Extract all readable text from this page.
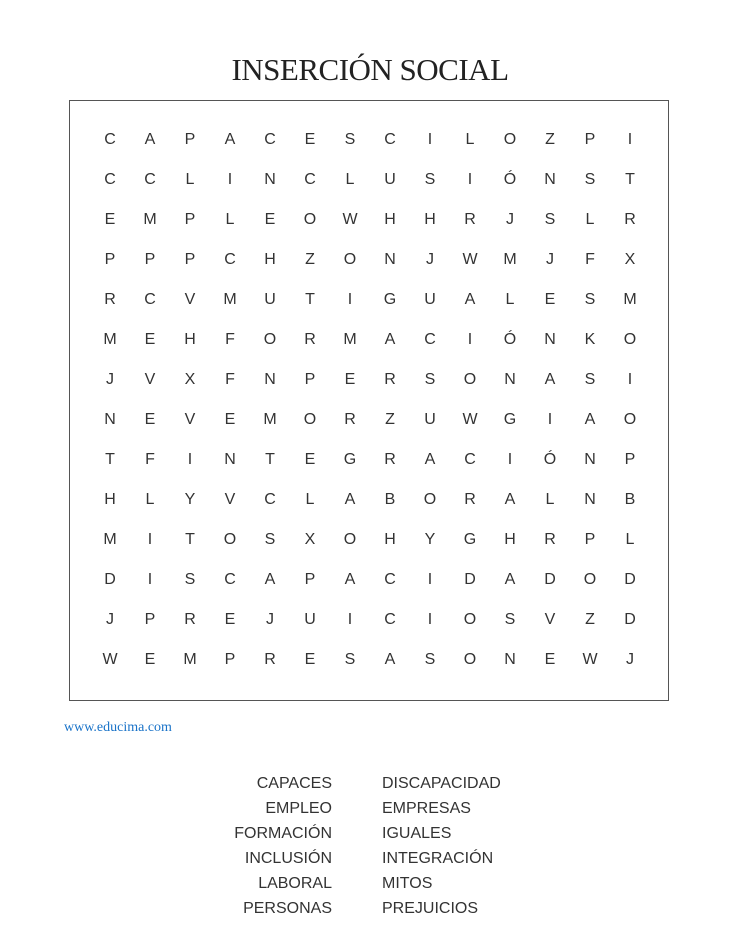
INSERCIÓN SOCIAL
C	A	P	A	C	E	S	C	I	L	O	Z	P	I
C	C	L	I	N	C	L	U	S	I	Ó	N	S	T
E	M	P	L	E	O	W	H	H	R	J	S	L	R
P	P	P	C	H	Z	O	N	J	W	M	J	F	X
R	C	V	M	U	T	I	G	U	A	L	E	S	M
M	E	H	F	O	R	M	A	C	I	Ó	N	K	O
J	V	X	F	N	P	E	R	S	O	N	A	S	I
N	E	V	E	M	O	R	Z	U	W	G	I	A	O
T	F	I	N	T	E	G	R	A	C	I	Ó	N	P
H	L	Y	V	C	L	A	B	O	R	A	L	N	B
M	I	T	O	S	X	O	H	Y	G	H	R	P	L
D	I	S	C	A	P	A	C	I	D	A	D	O	D
J	P	R	E	J	U	I	C	I	O	S	V	Z	D
W	E	M	P	R	E	S	A	S	O	N	E	W	J
www.educima.com
CAPACES
EMPLEO
FORMACIÓN
INCLUSIÓN
LABORAL
PERSONAS
DISCAPACIDAD
EMPRESAS
IGUALES
INTEGRACIÓN
MITOS
PREJUICIOS
